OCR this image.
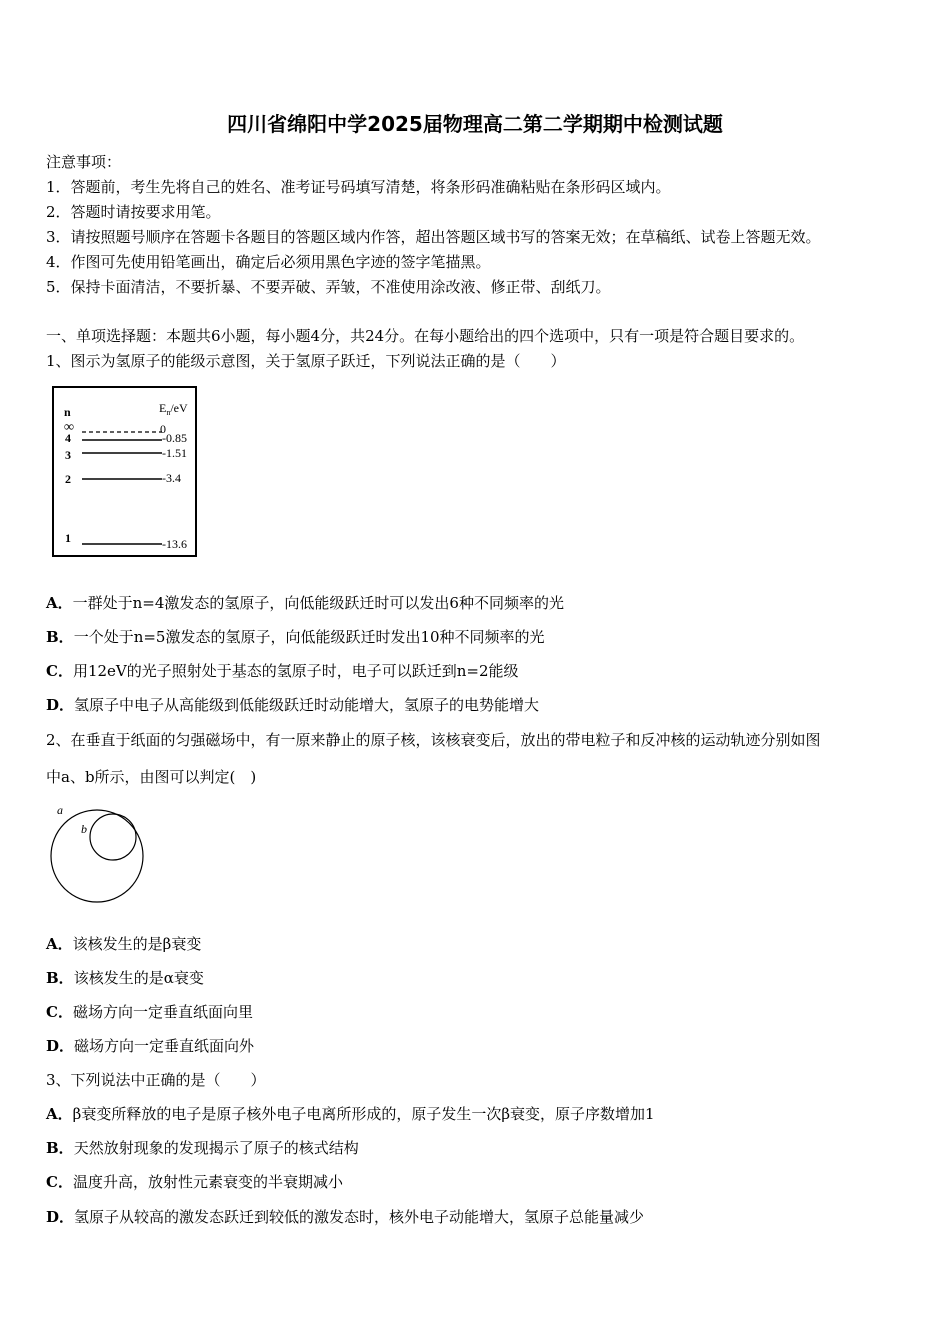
四川省绵阳中学2025届物理高二第二学期期中检测试题
注意事项：
1．答题前，考生先将自己的姓名、准考证号码填写清楚，将条形码准确粘贴在条形码区域内。
2．答题时请按要求用笔。
3．请按照题号顺序在答题卡各题目的答题区域内作答，超出答题区域书写的答案无效；在草稿纸、试卷上答题无效。
4．作图可先使用铅笔画出，确定后必须用黑色字迹的签字笔描黑。
5．保持卡面清洁，不要折暴、不要弄破、弄皱，不准使用涂改液、修正带、刮纸刀。
一、单项选择题：本题共6小题，每小题4分，共24分。在每小题给出的四个选项中，只有一项是符合题目要求的。
1、图示为氢原子的能级示意图，关于氢原子跃迁，下列说法正确的是（　　）
n	$E_n/eV$
∞
4
3
2
1
0
-0.85
-1.51
-3.4
-13.6
A．一群处于n=4激发态的氢原子，向低能级跃迁时可以发出6种不同频率的光
B．一个处于n=5激发态的氢原子，向低能级跃迁时发出10种不同频率的光
C．用12eV的光子照射处于基态的氢原子时，电子可以跃迁到n=2能级
D．氢原子中电子从高能级到低能级跃迁时动能增大，氢原子的电势能增大
2、在垂直于纸面的匀强磁场中，有一原来静止的原子核，该核衰变后，放出的带电粒子和反冲核的运动轨迹分别如图
中a、b所示，由图可以判定(　)
a
b
A．该核发生的是β衰变
B．该核发生的是α衰变
C．磁场方向一定垂直纸面向里
D．磁场方向一定垂直纸面向外
3、下列说法中正确的是（　　）
A．β衰变所释放的电子是原子核外电子电离所形成的，原子发生一次β衰变，原子序数增加1
B．天然放射现象的发现揭示了原子的核式结构
C．温度升高，放射性元素衰变的半衰期减小
D．氢原子从较高的激发态跃迁到较低的激发态时，核外电子动能增大，氢原子总能量减少
